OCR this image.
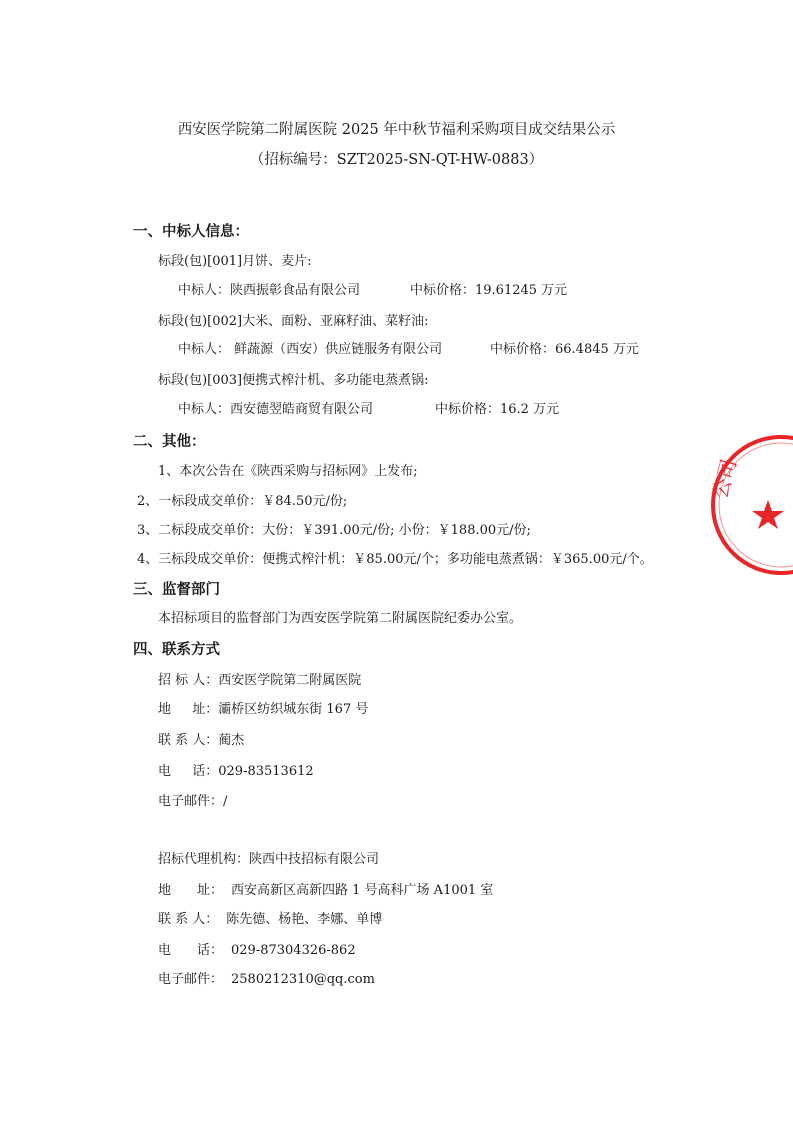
西安医学院第二附属医院 2025 年中秋节福利采购项目成交结果公示
（招标编号：SZT2025-SN-QT-HW-0883）
一、中标人信息：
标段(包)[001]月饼、麦片:
中标人：陕西振彰食品有限公司	中标价格：19.61245 万元
标段(包)[002]大米、面粉、亚麻籽油、菜籽油:
中标人： 鲜蔬源（西安）供应链服务有限公司	中标价格：66.4845 万元
标段(包)[003]便携式榨汁机、多功能电蒸煮锅:
中标人：西安德翌皓商贸有限公司	中标价格：16.2 万元
二、其他：
1、本次公告在《陕西采购与招标网》上发布;
2、一标段成交单价：￥84.50元/份;
3、二标段成交单价：大份：￥391.00元/份; 小份：￥188.00元/份;
4、三标段成交单价：便携式榨汁机：￥85.00元/个；多功能电蒸煮锅：￥365.00元/个。
三、监督部门
本招标项目的监督部门为西安医学院第二附属医院纪委办公室。
四、联系方式
招 标 人：西安医学院第二附属医院
地 　 址：灞桥区纺织城东街 167 号
联 系 人：蔺杰
电 　 话：029-83513612
电子邮件：/
招标代理机构：陕西中技招标有限公司
地　　址： 西安高新区高新四路 1 号高科广场 A1001 室
联 系 人： 陈先德、杨艳、李娜、单博
电　　话： 029-87304326-862
电子邮件： 2580212310@qq.com
公司
